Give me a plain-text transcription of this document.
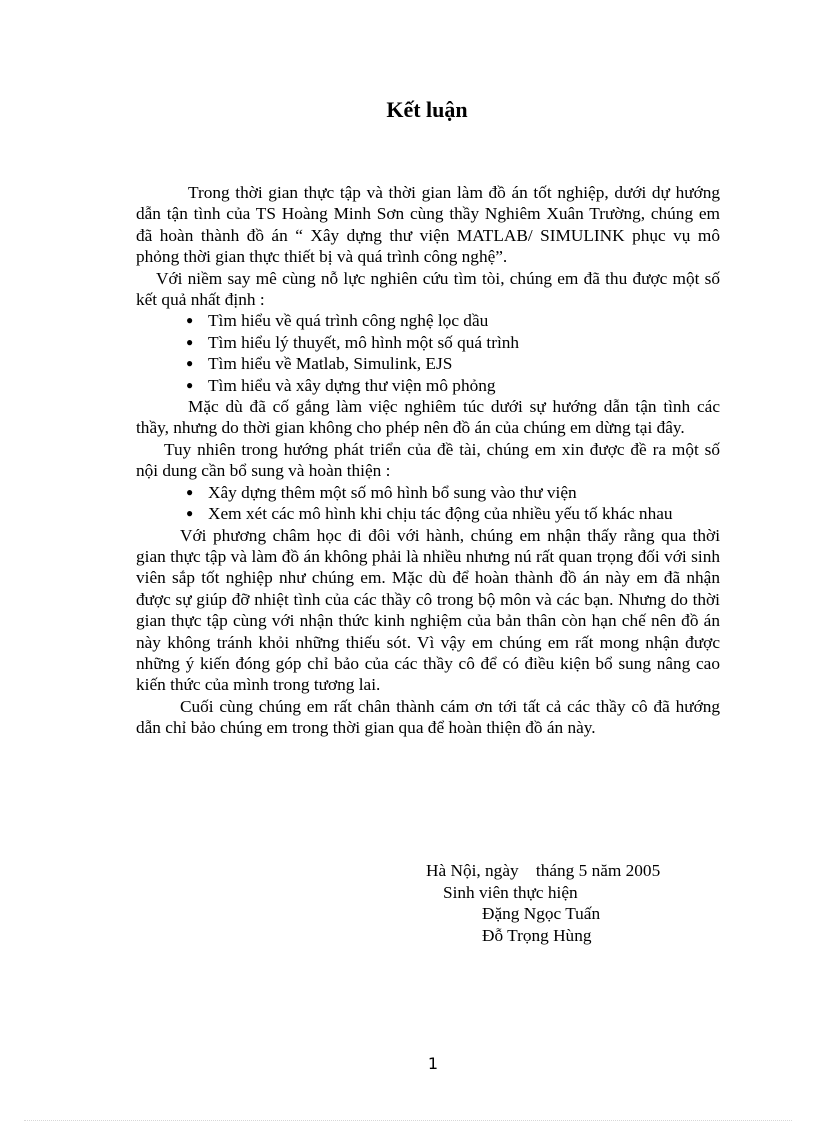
Kết luận

Trong thời gian thực tập và thời gian làm đồ án tốt nghiệp, dưới dự hướng dẫn tận tình của TS Hoàng Minh Sơn cùng thầy Nghiêm Xuân Trường, chúng em đã hoàn thành đồ án “ Xây dựng thư viện MATLAB/ SIMULINK phục vụ mô phỏng thời gian thực thiết bị và quá trình công nghệ”.

Với niềm say mê cùng nỗ lực nghiên cứu tìm tòi, chúng em đã thu được một số kết quả nhất định :

● Tìm hiểu về quá trình công nghệ lọc dầu
● Tìm hiểu lý thuyết, mô hình một số quá trình
● Tìm hiểu về Matlab, Simulink, EJS
● Tìm hiểu và xây dựng thư viện mô phỏng

Mặc dù đã cố gắng làm việc nghiêm túc dưới sự hướng dẫn tận tình các thầy, nhưng do thời gian không cho phép nên đồ án của chúng em dừng tại đây.

Tuy nhiên trong hướng phát triển của đề tài, chúng em xin được đề ra một số nội dung cần bổ sung và hoàn thiện :

● Xây dựng thêm một số mô hình bổ sung vào thư viện
● Xem xét các mô hình khi chịu tác động của nhiều yếu tố khác nhau

Với phương châm học đi đôi với hành, chúng em nhận thấy rằng qua thời gian thực tập và làm đồ án không phải là nhiều nhưng nú rất quan trọng đối với sinh viên sắp tốt nghiệp như chúng em. Mặc dù để hoàn thành đồ án này em đã nhận được sự giúp đỡ nhiệt tình của các thầy cô trong bộ môn và các bạn. Nhưng do thời gian thực tập cùng với nhận thức kinh nghiệm của bản thân còn hạn chế nên đồ án này không tránh khỏi những thiếu sót. Vì vậy em chúng em rất mong nhận được những ý kiến đóng góp chỉ bảo của các thầy cô để có điều kiện bổ sung nâng cao kiến thức của mình trong tương lai.

Cuối cùng chúng em rất chân thành cám ơn tới tất cả các thầy cô đã hướng dẫn chỉ bảo chúng em trong thời gian qua để hoàn thiện đồ án này.

Hà Nội, ngày    tháng 5 năm 2005
Sinh viên thực hiện
Đặng Ngọc Tuấn
Đỗ Trọng Hùng
1
